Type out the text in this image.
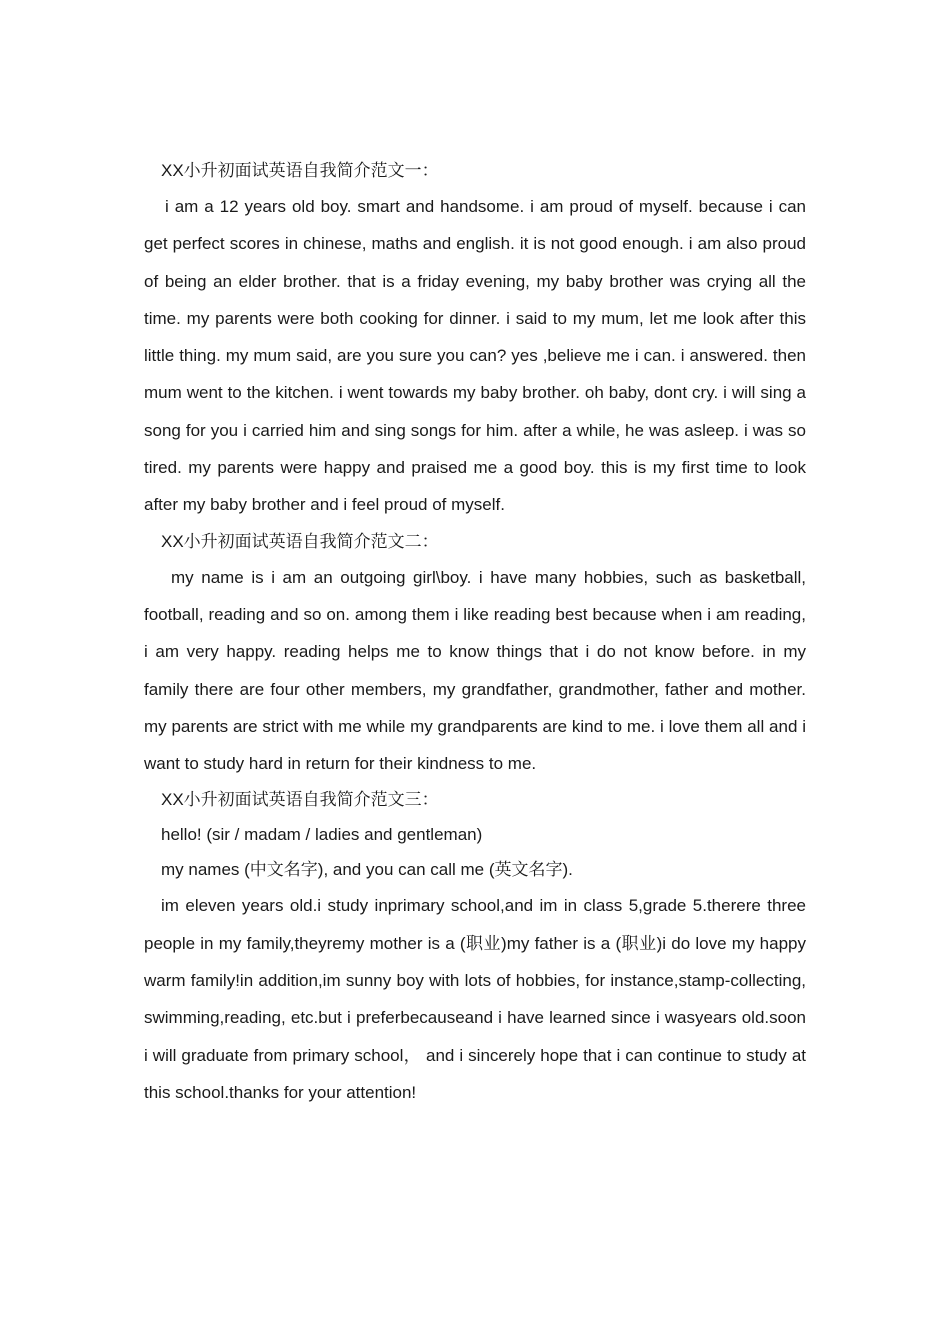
XX小升初面试英语自我简介范文一：

i am a 12 years old boy. smart and handsome. i am proud of myself. because i can get perfect scores in chinese, maths and english. it is not good enough. i am also proud of being an elder brother. that is a friday evening, my baby brother was crying all the time. my parents were both cooking for dinner. i said to my mum, let me look after this little thing. my mum said, are you sure you can? yes ,believe me i can. i answered. then mum went to the kitchen. i went towards my baby brother. oh baby, dont cry. i will sing a song for you i carried him and sing songs for him. after a while, he was asleep. i was so tired. my parents were happy and praised me a good boy. this is my first time to look after my baby brother and i feel proud of myself.

XX小升初面试英语自我简介范文二：

my name is i am an outgoing girl\boy. i have many hobbies, such as basketball, football, reading and so on. among them i like reading best because when i am reading, i am very happy. reading helps me to know things that i do not know before. in my family there are four other members, my grandfather, grandmother, father and mother. my parents are strict with me while my grandparents are kind to me. i love them all and i want to study hard in return for their kindness to me.

XX小升初面试英语自我简介范文三：

hello! (sir / madam / ladies and gentleman)

my names (中文名字), and you can call me (英文名字).

im eleven years old.i study inprimary school,and im in class 5,grade 5.therere three people in my family,theyremy mother is a (职业)my father is a (职业)i do love my happy warm family!in addition,im sunny boy with lots of hobbies, for instance,stamp-collecting, swimming,reading, etc.but i preferbecauseand i have learned since i wasyears old.soon i will graduate from primary school， and i sincerely hope that i can continue to study at this school.thanks for your attention!
